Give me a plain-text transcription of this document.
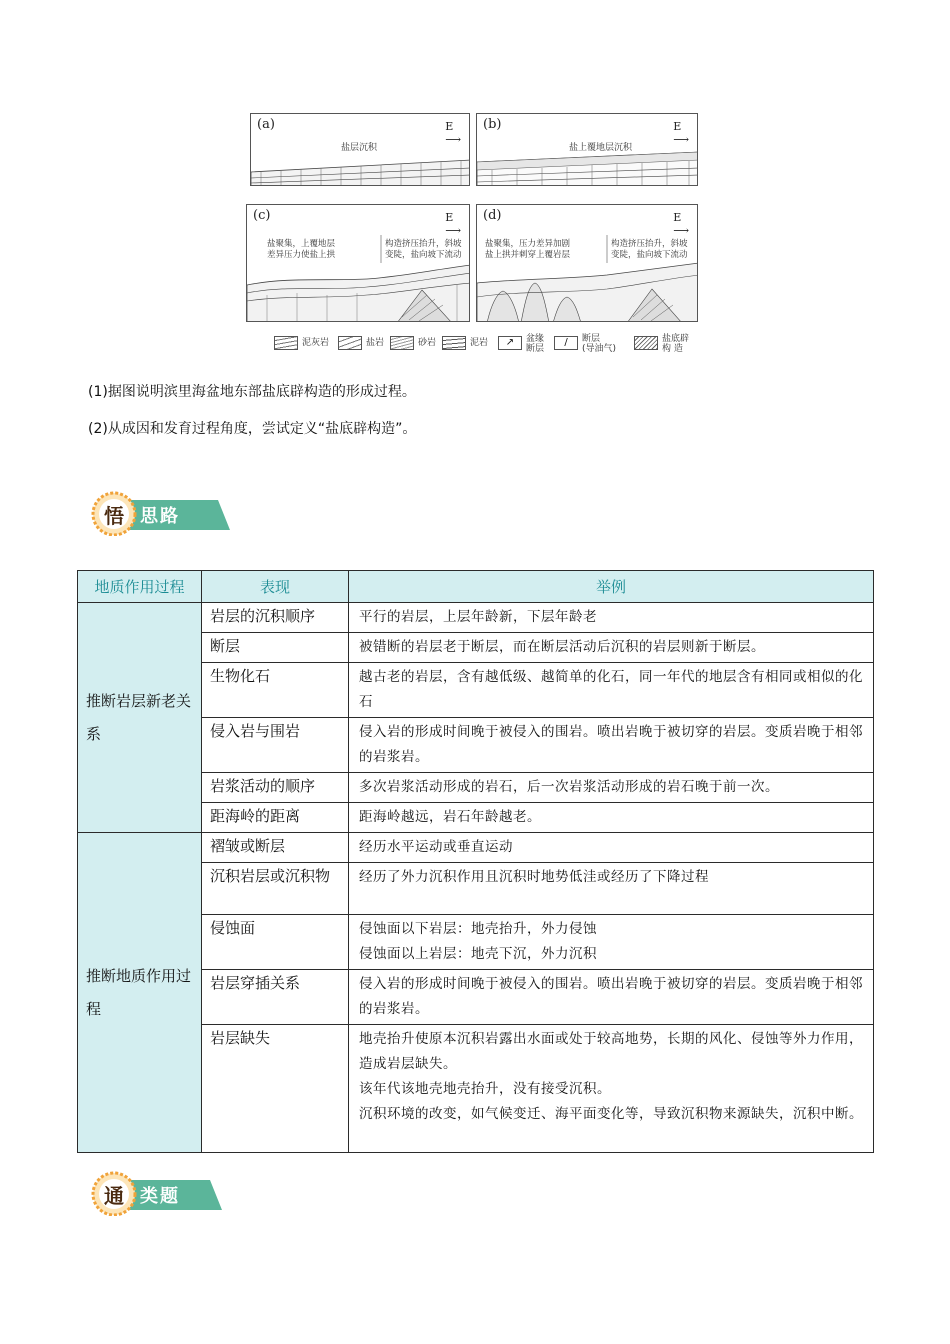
(a)	E
⟶
盐层沉积
(b)	E
⟶
盐上覆地层沉积
(c)	E
⟶
盐聚集，上覆地层
差异压力使盐上拱
构造挤压抬升，斜坡
变陡，盐向坡下流动
(d)	E
⟶
盐聚集，压力差异加剧
盐上拱并刺穿上覆岩层
构造挤压抬升，斜坡
变陡，盐向坡下流动
泥灰岩	盐岩	砂岩	泥岩	↗	盆缘
断层
/	断层
(导油气)
盐底辟
构 造
(1)据图说明滨里海盆地东部盐底辟构造的形成过程。
(2)从成因和发育过程角度，尝试定义“盐底辟构造”。
悟 思路
地质作用过程	表现	举例
推断岩层新老关系	岩层的沉积顺序	平行的岩层，上层年龄新，下层年龄老

	断层	被错断的岩层老于断层，而在断层活动后沉积的岩层则新于断层。

	生物化石	越古老的岩层，含有越低级、越简单的化石，同一年代的地层含有相同或相似的化石

	侵入岩与围岩	侵入岩的形成时间晚于被侵入的围岩。喷出岩晚于被切穿的岩层。变质岩晚于相邻的岩浆岩。

	岩浆活动的顺序	多次岩浆活动形成的岩石，后一次岩浆活动形成的岩石晚于前一次。

	距海岭的距离	距海岭越远，岩石年龄越老。

推断地质作用过程	褶皱或断层	经历水平运动或垂直运动

	沉积岩层或沉积物	经历了外力沉积作用且沉积时地势低洼或经历了下降过程

	侵蚀面	侵蚀面以下岩层：地壳抬升，外力侵蚀
侵蚀面以上岩层：地壳下沉，外力沉积

	岩层穿插关系	侵入岩的形成时间晚于被侵入的围岩。喷出岩晚于被切穿的岩层。变质岩晚于相邻的岩浆岩。

	岩层缺失	地壳抬升使原本沉积岩露出水面或处于较高地势，长期的风化、侵蚀等外力作用，造成岩层缺失。
该年代该地壳地壳抬升，没有接受沉积。
沉积环境的改变，如气候变迁、海平面变化等，导致沉积物来源缺失，沉积中断。
通 类题
